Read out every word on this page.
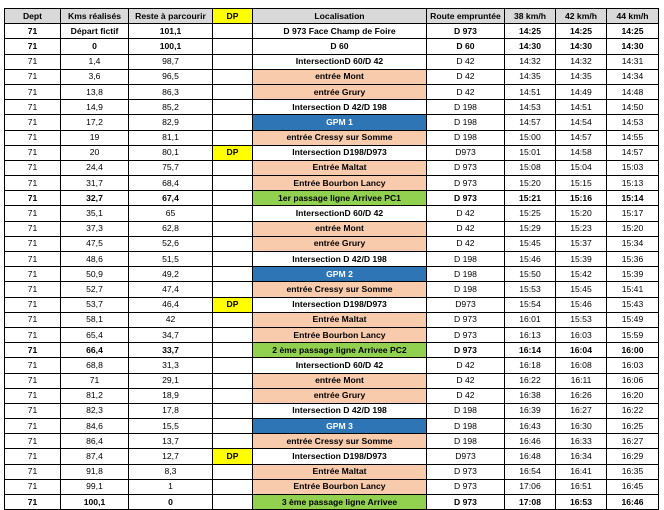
Dept	Kms réalisés	Reste à parcourir	DP	Localisation	Route empruntée	38 km/h	42 km/h	44 km/h
71	Départ fictif	101,1		D 973 Face Champ de Foire	D 973	14:25	14:25	14:25
71	0	100,1		D 60	D 60	14:30	14:30	14:30
71	1,4	98,7		IntersectionD 60/D 42	D 42	14:32	14:32	14:31
71	3,6	96,5		entrée Mont	D 42	14:35	14:35	14:34
71	13,8	86,3		entrée Grury	D 42	14:51	14:49	14:48
71	14,9	85,2		Intersection D 42/D 198	D 198	14:53	14:51	14:50
71	17,2	82,9		GPM 1	D 198	14:57	14:54	14:53
71	19	81,1		entrée Cressy sur Somme	D 198	15:00	14:57	14:55
71	20	80,1	DP	Intersection D198/D973	D973	15:01	14:58	14:57
71	24,4	75,7		Entrée Maltat	D 973	15:08	15:04	15:03
71	31,7	68,4		Entrée Bourbon Lancy	D 973	15:20	15:15	15:13
71	32,7	67,4		1er passage ligne Arrivee PC1	D 973	15:21	15:16	15:14
71	35,1	65		IntersectionD 60/D 42	D 42	15:25	15:20	15:17
71	37,3	62,8		entrée Mont	D 42	15:29	15:23	15:20
71	47,5	52,6		entrée Grury	D 42	15:45	15:37	15:34
71	48,6	51,5		Intersection D 42/D 198	D 198	15:46	15:39	15:36
71	50,9	49,2		GPM 2	D 198	15:50	15:42	15:39
71	52,7	47,4		entrée Cressy sur Somme	D 198	15:53	15:45	15:41
71	53,7	46,4	DP	Intersection D198/D973	D973	15:54	15:46	15:43
71	58,1	42		Entrée Maltat	D 973	16:01	15:53	15:49
71	65,4	34,7		Entrée Bourbon Lancy	D 973	16:13	16:03	15:59
71	66,4	33,7		2 ème passage ligne Arrivee PC2	D 973	16:14	16:04	16:00
71	68,8	31,3		IntersectionD 60/D 42	D 42	16:18	16:08	16:03
71	71	29,1		entrée Mont	D 42	16:22	16:11	16:06
71	81,2	18,9		entrée Grury	D 42	16:38	16:26	16:20
71	82,3	17,8		Intersection D 42/D 198	D 198	16:39	16:27	16:22
71	84,6	15,5		GPM 3	D 198	16:43	16:30	16:25
71	86,4	13,7		entrée Cressy sur Somme	D 198	16:46	16:33	16:27
71	87,4	12,7	DP	Intersection D198/D973	D973	16:48	16:34	16:29
71	91,8	8,3		Entrée Maltat	D 973	16:54	16:41	16:35
71	99,1	1		Entrée Bourbon Lancy	D 973	17:06	16:51	16:45
71	100,1	0		3 ème passage ligne Arrivee	D 973	17:08	16:53	16:46
